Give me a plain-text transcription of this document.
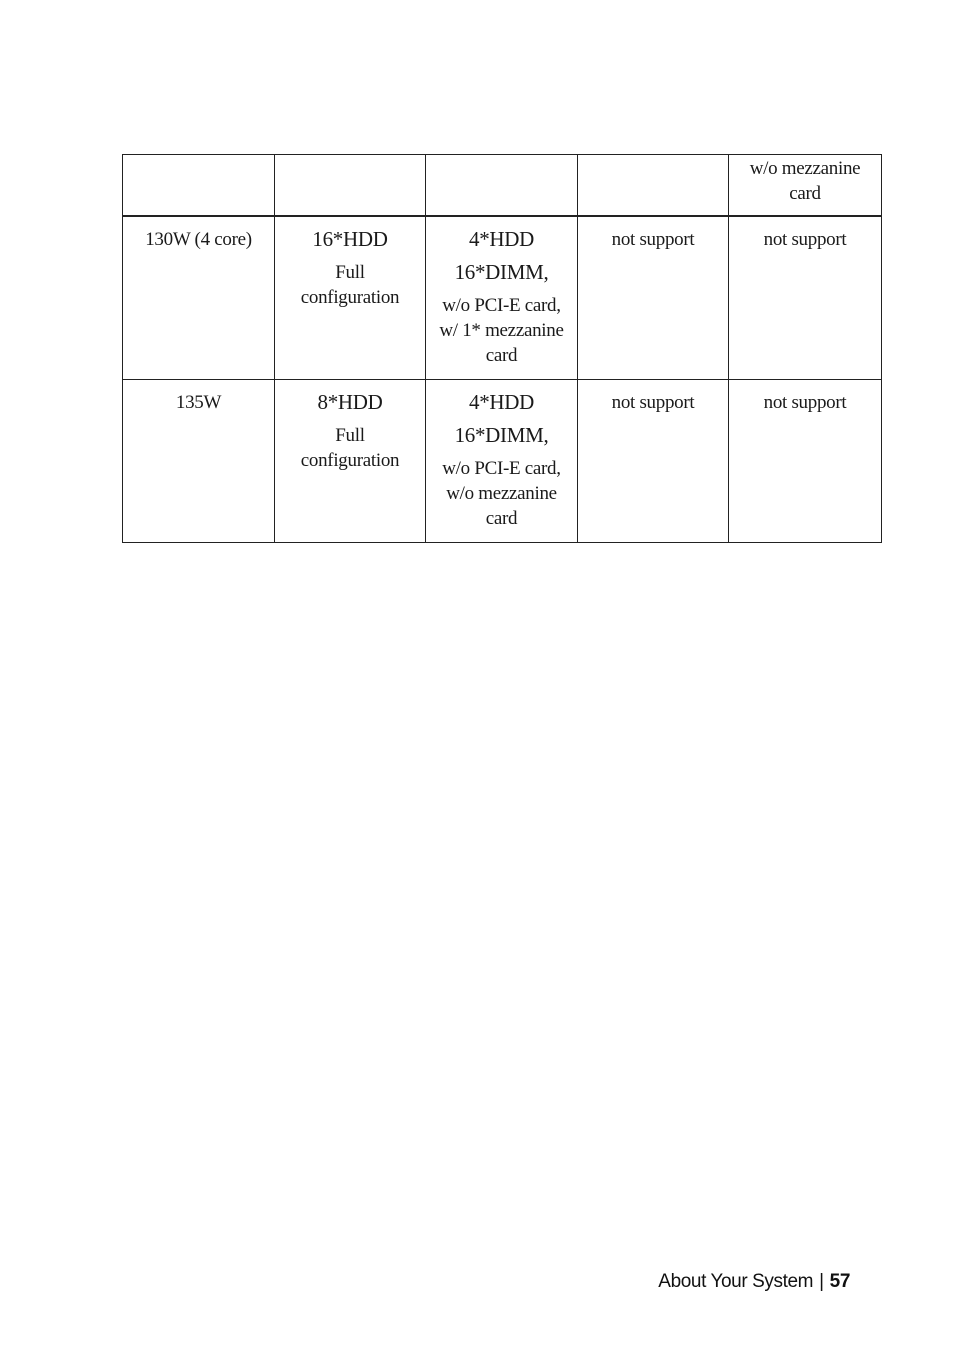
				w/o mezzanine
card

130W (4 core)	16*HDD
Full
configuration	4*HDD
16*DIMM,
w/o PCI-E card,
w/ 1* mezzanine
card	not support	not support

135W	8*HDD
Full
configuration	4*HDD
16*DIMM,
w/o PCI-E card,
w/o mezzanine
card	not support	not support
About Your System | 57
